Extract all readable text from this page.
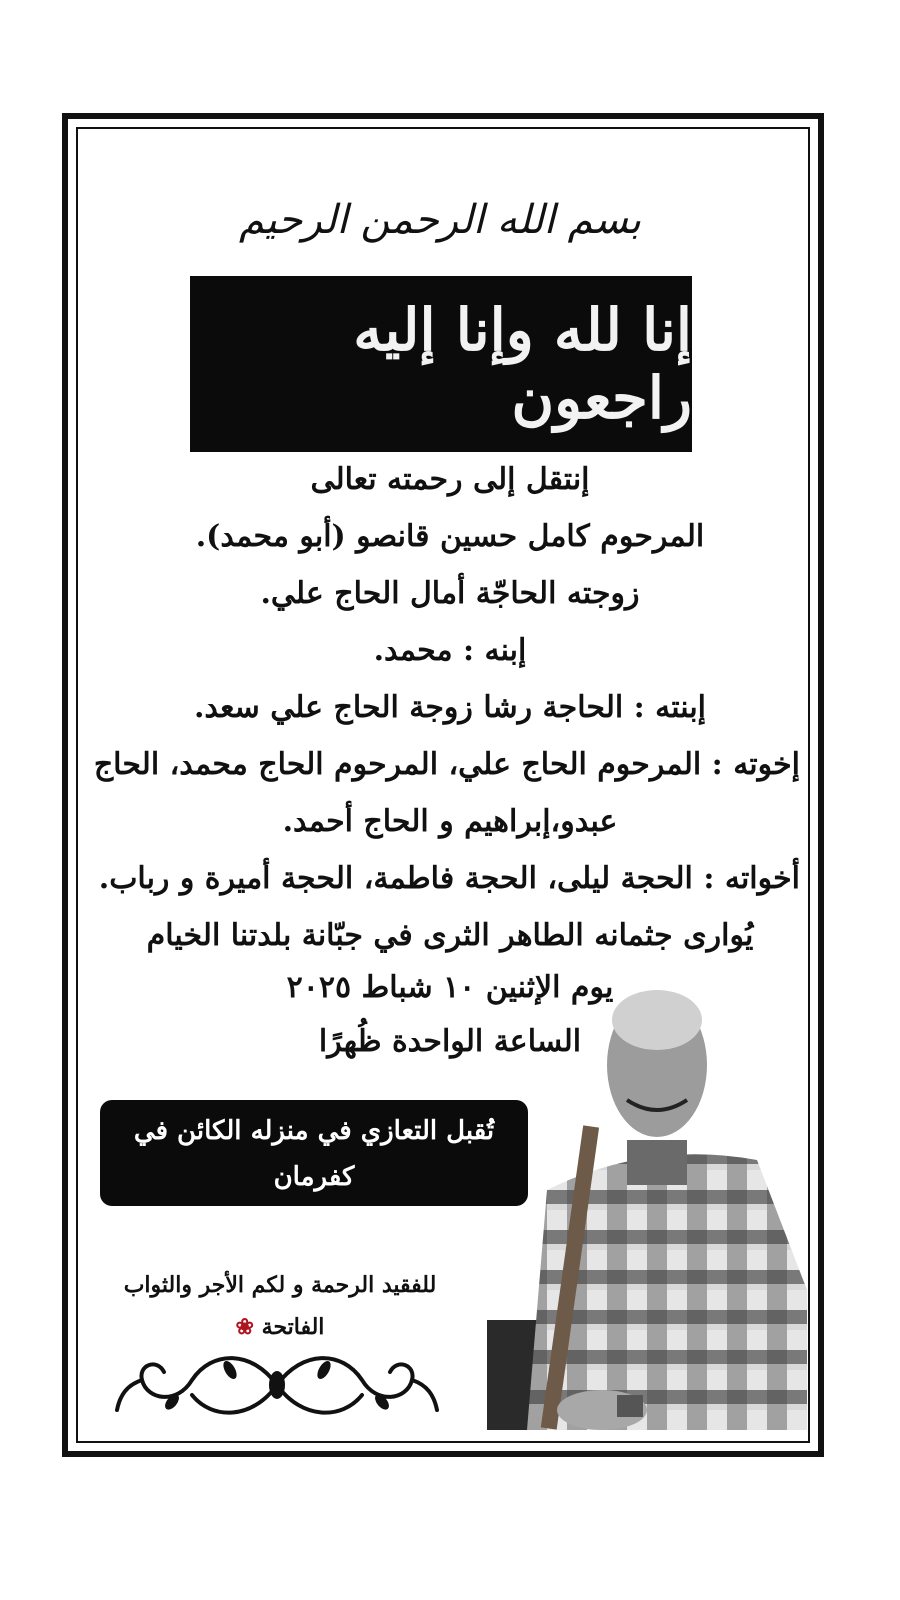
بسم الله الرحمن الرحيم
إنا لله وإنا إليه راجعون
إنتقل إلى رحمته تعالى
المرحوم كامل حسين قانصو (أبو محمد).
زوجته الحاجّة أمال الحاج علي.
إبنه : محمد.
إبنته : الحاجة رشا زوجة الحاج علي سعد.
إخوته : المرحوم الحاج علي، المرحوم الحاج محمد، الحاج
عبدو،إبراهيم و الحاج أحمد.
أخواته : الحجة ليلى، الحجة فاطمة، الحجة أميرة و رباب.
يُوارى جثمانه الطاهر الثرى في جبّانة بلدتنا الخيام
يوم الإثنين ١٠ شباط ٢٠٢٥
الساعة الواحدة ظُهرًا
تُقبل التعازي في منزله الكائن في كفرمان
دوار العين مُقابل سوبر ماركت مليكة
للفقيد الرحمة و لكم الأجر والثواب
الفاتحة ❀
